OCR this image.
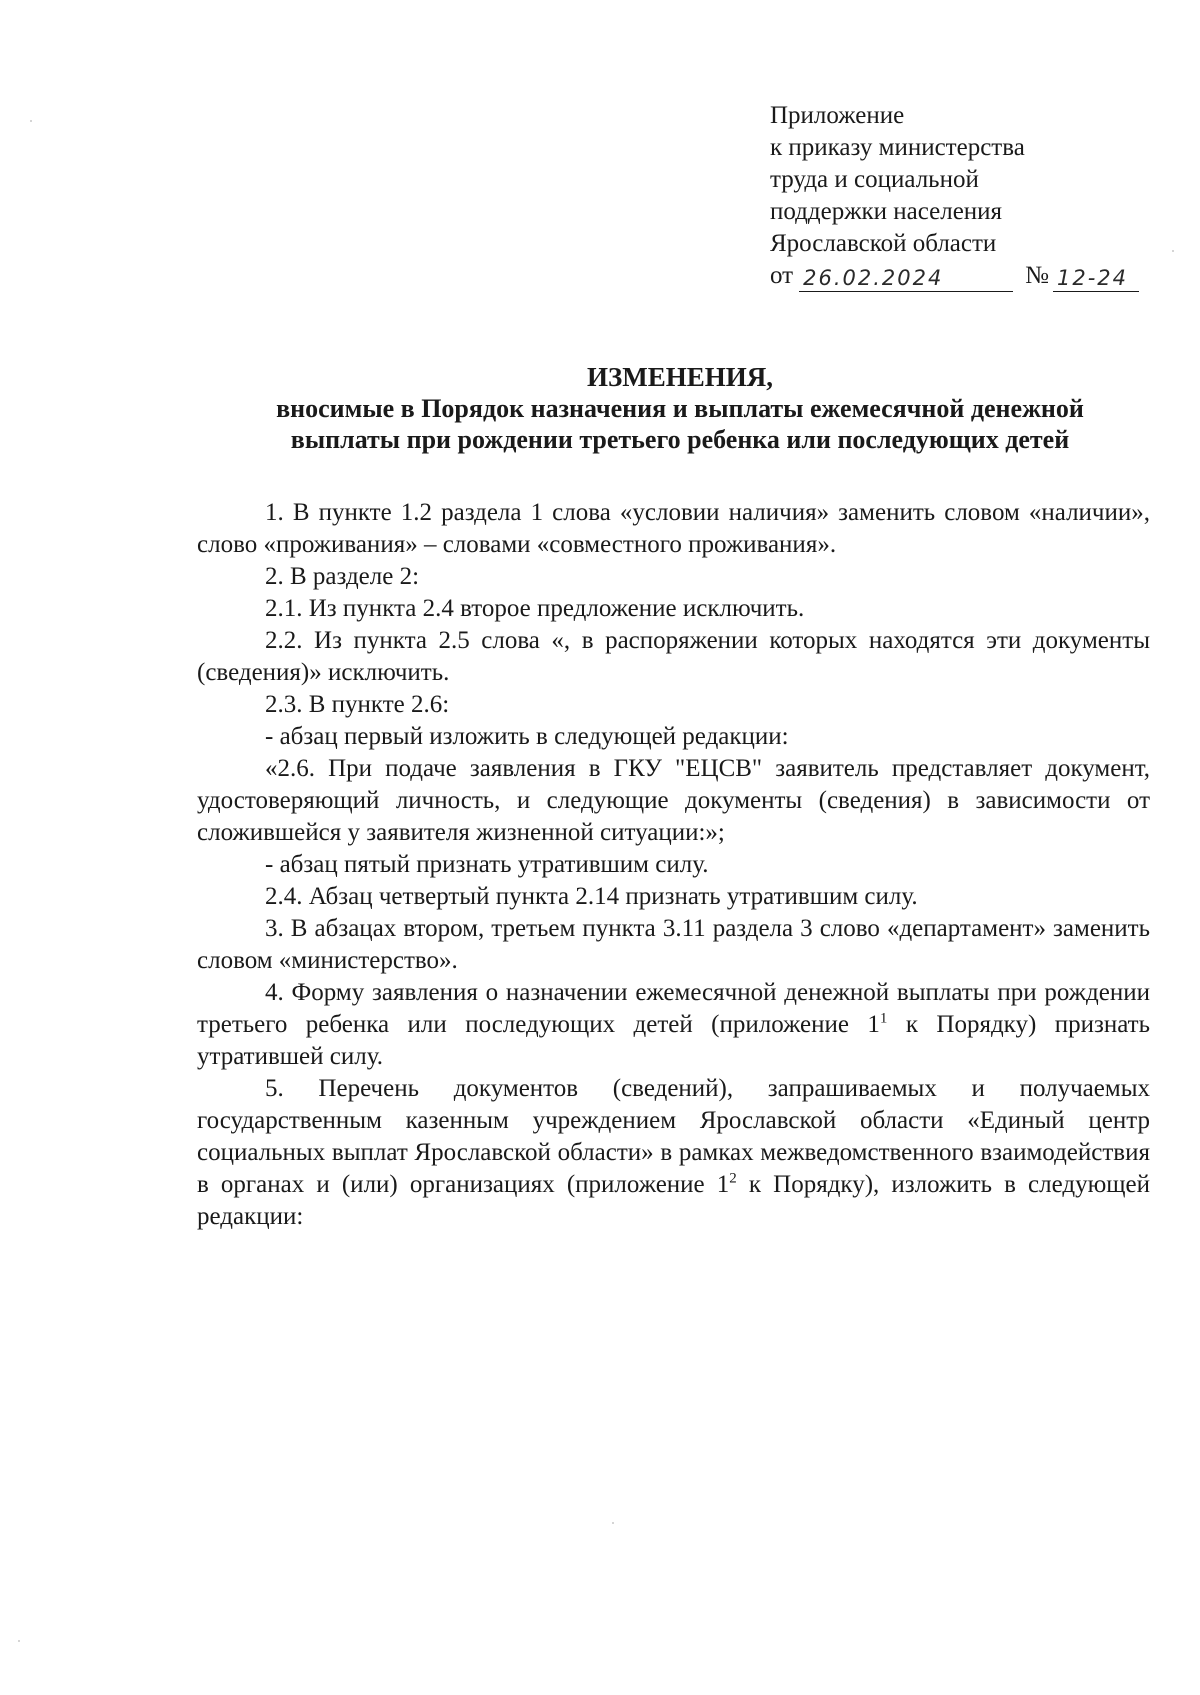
Приложение
к приказу министерства
труда и социальной
поддержки населения
Ярославской области
от 26.02.2024	№ 12-24
ИЗМЕНЕНИЯ,
вносимые в Порядок назначения и выплаты ежемесячной денежной
выплаты при рождении третьего ребенка или последующих детей

1. В пункте 1.2 раздела 1 слова «условии наличия» заменить словом «наличии», слово «проживания» – словами «совместного проживания».

2. В разделе 2:

2.1. Из пункта 2.4 второе предложение исключить.

2.2. Из пункта 2.5 слова «, в распоряжении которых находятся эти документы (сведения)» исключить.

2.3. В пункте 2.6:

- абзац первый изложить в следующей редакции:

«2.6. При подаче заявления в ГКУ "ЕЦСВ" заявитель представляет документ, удостоверяющий личность, и следующие документы (сведения) в зависимости от сложившейся у заявителя жизненной ситуации:»;

- абзац пятый признать утратившим силу.

2.4. Абзац четвертый пункта 2.14 признать утратившим силу.

3. В абзацах втором, третьем пункта 3.11 раздела 3 слово «департамент» заменить словом «министерство».

4. Форму заявления о назначении ежемесячной денежной выплаты при рождении третьего ребенка или последующих детей (приложение $1^1$ к Порядку) признать утратившей силу.

5. Перечень документов (сведений), запрашиваемых и получаемых государственным казенным учреждением Ярославской области «Единый центр социальных выплат Ярославской области» в рамках межведомственного взаимодействия в органах и (или) организациях (приложение $1^2$ к Порядку), изложить в следующей редакции:
